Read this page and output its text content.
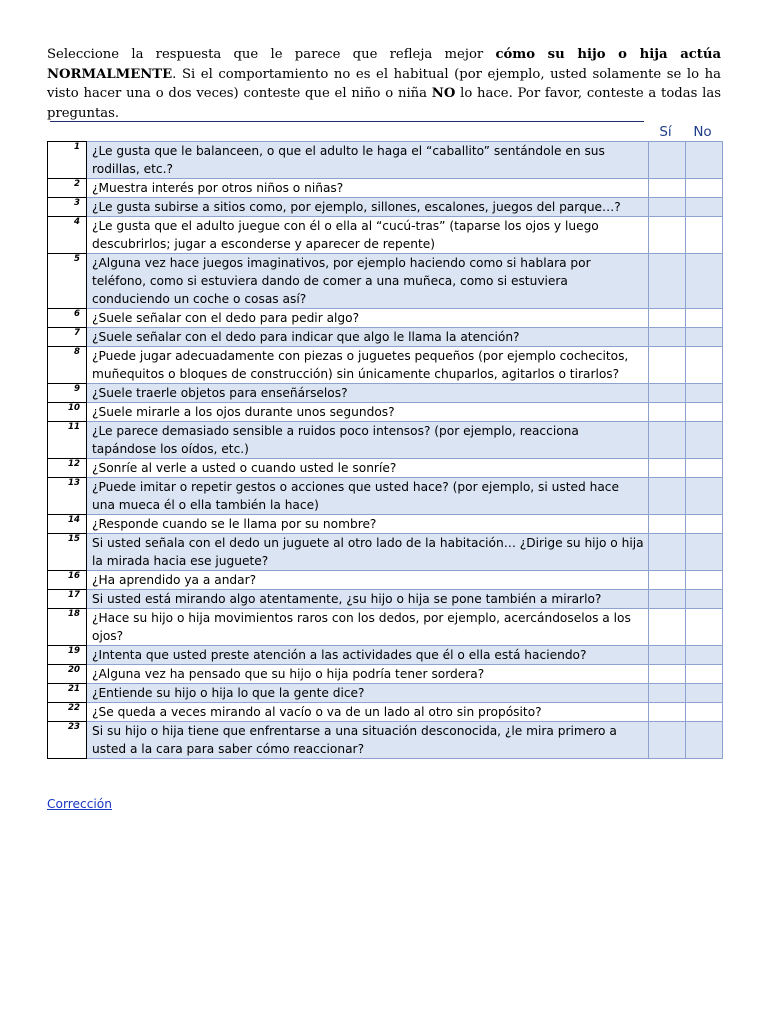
Seleccione la respuesta que le parece que refleja mejor cómo su hijo o hija actúa NORMALMENTE. Si el comportamiento no es el habitual (por ejemplo, usted solamente se lo ha visto hacer una o dos veces) conteste que el niño o niña NO lo hace. Por favor, conteste a todas las preguntas.

Sí	No
1	¿Le gusta que le balanceen, o que el adulto le haga el “caballito” sentándole en sus rodillas, etc.?		
2	¿Muestra interés por otros niños o niñas?		
3	¿Le gusta subirse a sitios como, por ejemplo, sillones, escalones, juegos del parque…?		
4	¿Le gusta que el adulto juegue con él o ella al “cucú-tras” (taparse los ojos y luego descubrirlos; jugar a esconderse y aparecer de repente)		
5	¿Alguna vez hace juegos imaginativos, por ejemplo haciendo como si hablara por teléfono, como si estuviera dando de comer a una muñeca, como si estuviera conduciendo un coche o cosas así?		
6	¿Suele señalar con el dedo para pedir algo?		
7	¿Suele señalar con el dedo para indicar que algo le llama la atención?		
8	¿Puede jugar adecuadamente con piezas o juguetes pequeños (por ejemplo cochecitos, muñequitos o bloques de construcción) sin únicamente chuparlos, agitarlos o tirarlos?		
9	¿Suele traerle objetos para enseñárselos?		
10	¿Suele mirarle a los ojos durante unos segundos?		
11	¿Le parece demasiado sensible a ruidos poco intensos? (por ejemplo, reacciona tapándose los oídos, etc.)		
12	¿Sonríe al verle a usted o cuando usted le sonríe?		
13	¿Puede imitar o repetir gestos o acciones que usted hace? (por ejemplo, si usted hace una mueca él o ella también la hace)		
14	¿Responde cuando se le llama por su nombre?		
15	Si usted señala con el dedo un juguete al otro lado de la habitación… ¿Dirige su hijo o hija la mirada hacia ese juguete?		
16	¿Ha aprendido ya a andar?		
17	Si usted está mirando algo atentamente, ¿su hijo o hija se pone también a mirarlo?		
18	¿Hace su hijo o hija movimientos raros con los dedos, por ejemplo, acercándoselos a los ojos?		
19	¿Intenta que usted preste atención a las actividades que él o ella está haciendo?		
20	¿Alguna vez ha pensado que su hijo o hija podría tener sordera?		
21	¿Entiende su hijo o hija lo que la gente dice?		
22	¿Se queda a veces mirando al vacío o va de un lado al otro sin propósito?		
23	Si su hijo o hija tiene que enfrentarse a una situación desconocida, ¿le mira primero a usted a la cara para saber cómo reaccionar?		
Corrección
